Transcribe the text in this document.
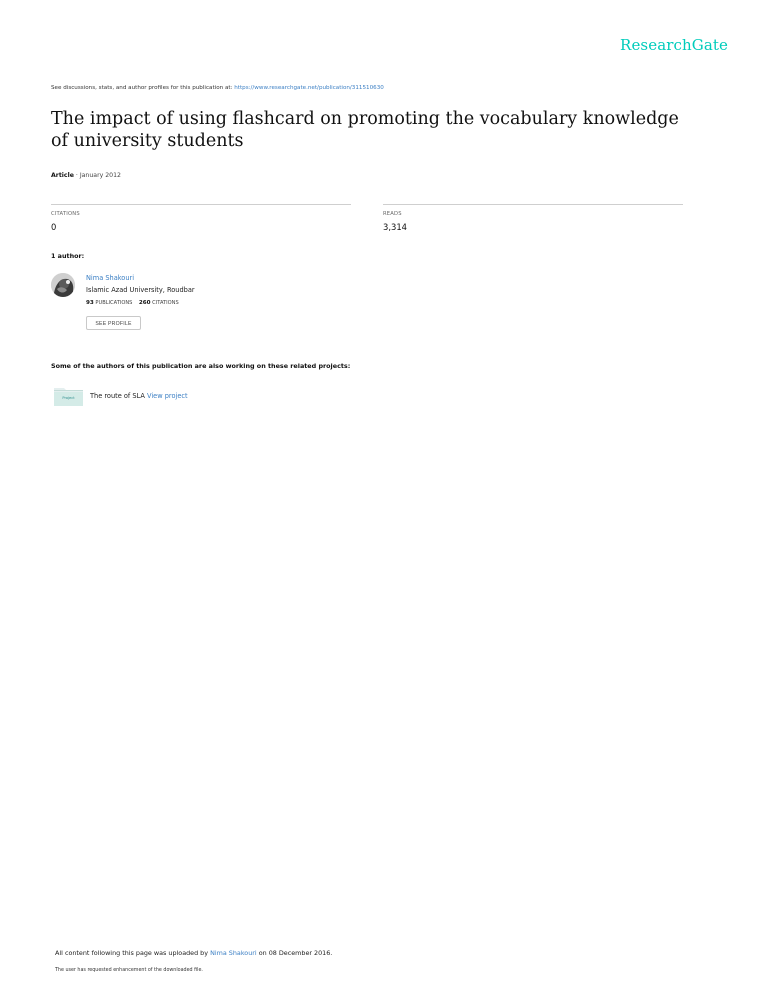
ResearchGate
See discussions, stats, and author profiles for this publication at: https://www.researchgate.net/publication/311510630
The impact of using flashcard on promoting the vocabulary knowledge of university students
Article · January 2012
CITATIONS
0
READS
3,314
1 author:
Nima Shakouri
Islamic Azad University, Roudbar
93 PUBLICATIONS 260 CITATIONS
SEE PROFILE
Some of the authors of this publication are also working on these related projects:
Project	The route of SLA View project
All content following this page was uploaded by Nima Shakouri on 08 December 2016.
The user has requested enhancement of the downloaded file.
